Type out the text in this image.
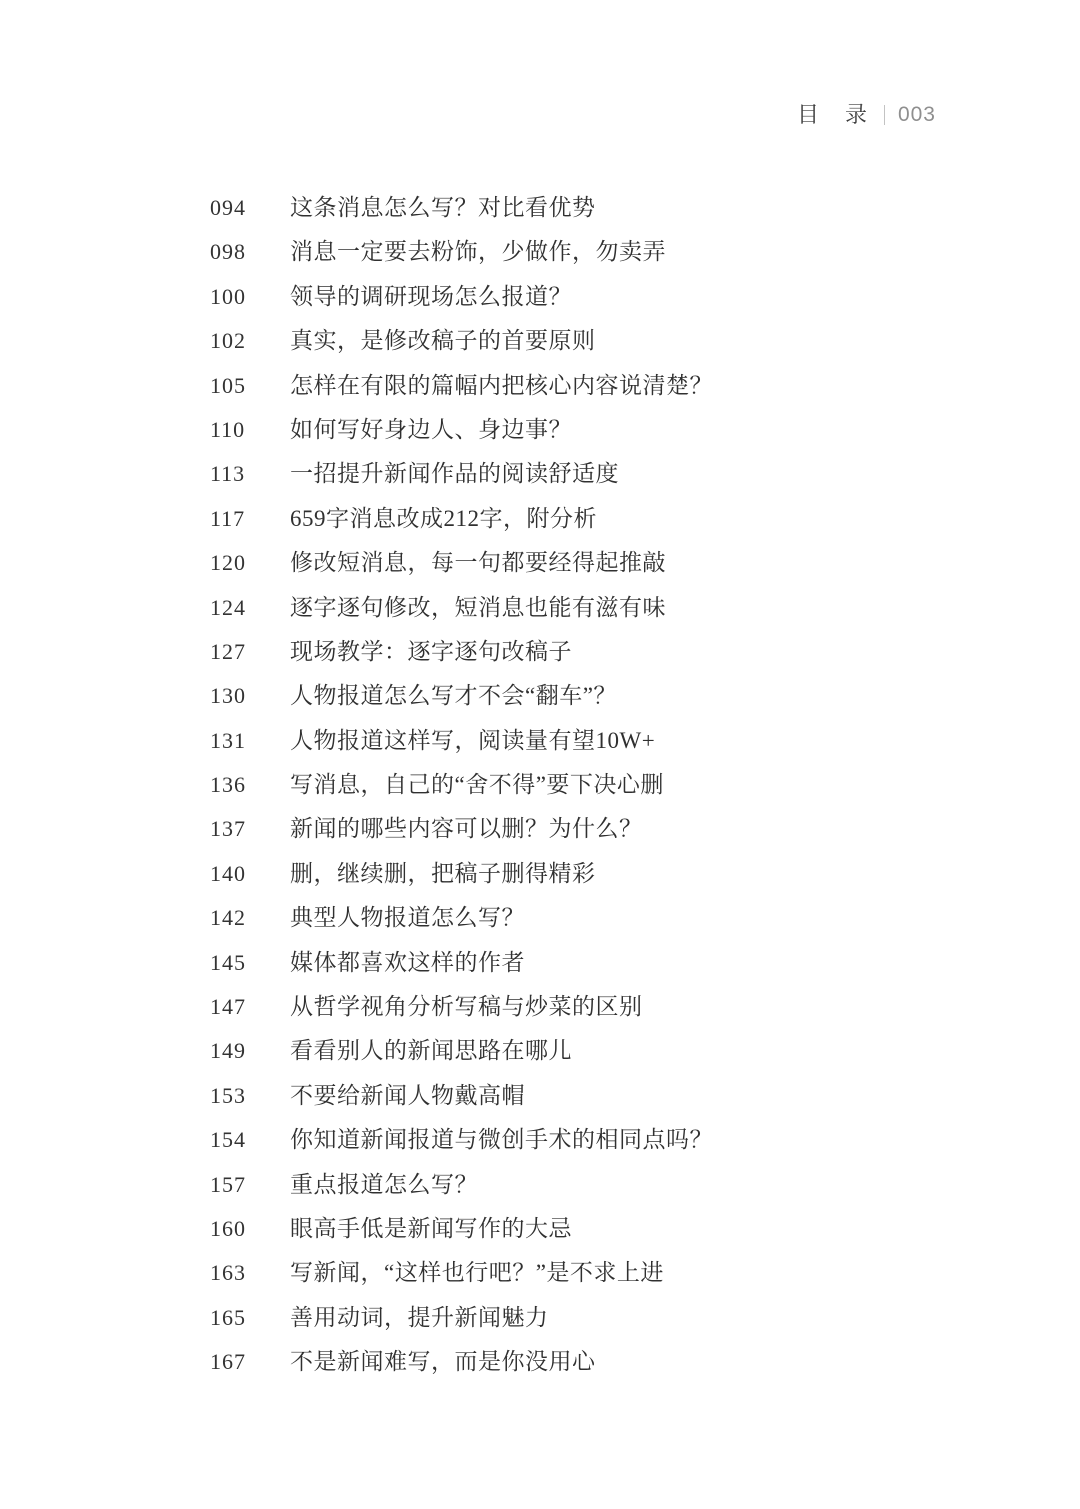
目　录 003
094	这条消息怎么写？对比看优势
098	消息一定要去粉饰，少做作，勿卖弄
100	领导的调研现场怎么报道？
102	真实，是修改稿子的首要原则
105	怎样在有限的篇幅内把核心内容说清楚？
110	如何写好身边人、身边事？
113	一招提升新闻作品的阅读舒适度
117	659字消息改成212字，附分析
120	修改短消息，每一句都要经得起推敲
124	逐字逐句修改，短消息也能有滋有味
127	现场教学：逐字逐句改稿子
130	人物报道怎么写才不会“翻车”？
131	人物报道这样写，阅读量有望10W+
136	写消息，自己的“舍不得”要下决心删
137	新闻的哪些内容可以删？为什么？
140	删，继续删，把稿子删得精彩
142	典型人物报道怎么写？
145	媒体都喜欢这样的作者
147	从哲学视角分析写稿与炒菜的区别
149	看看别人的新闻思路在哪儿
153	不要给新闻人物戴高帽
154	你知道新闻报道与微创手术的相同点吗？
157	重点报道怎么写？
160	眼高手低是新闻写作的大忌
163	写新闻，“这样也行吧？”是不求上进
165	善用动词，提升新闻魅力
167	不是新闻难写，而是你没用心
